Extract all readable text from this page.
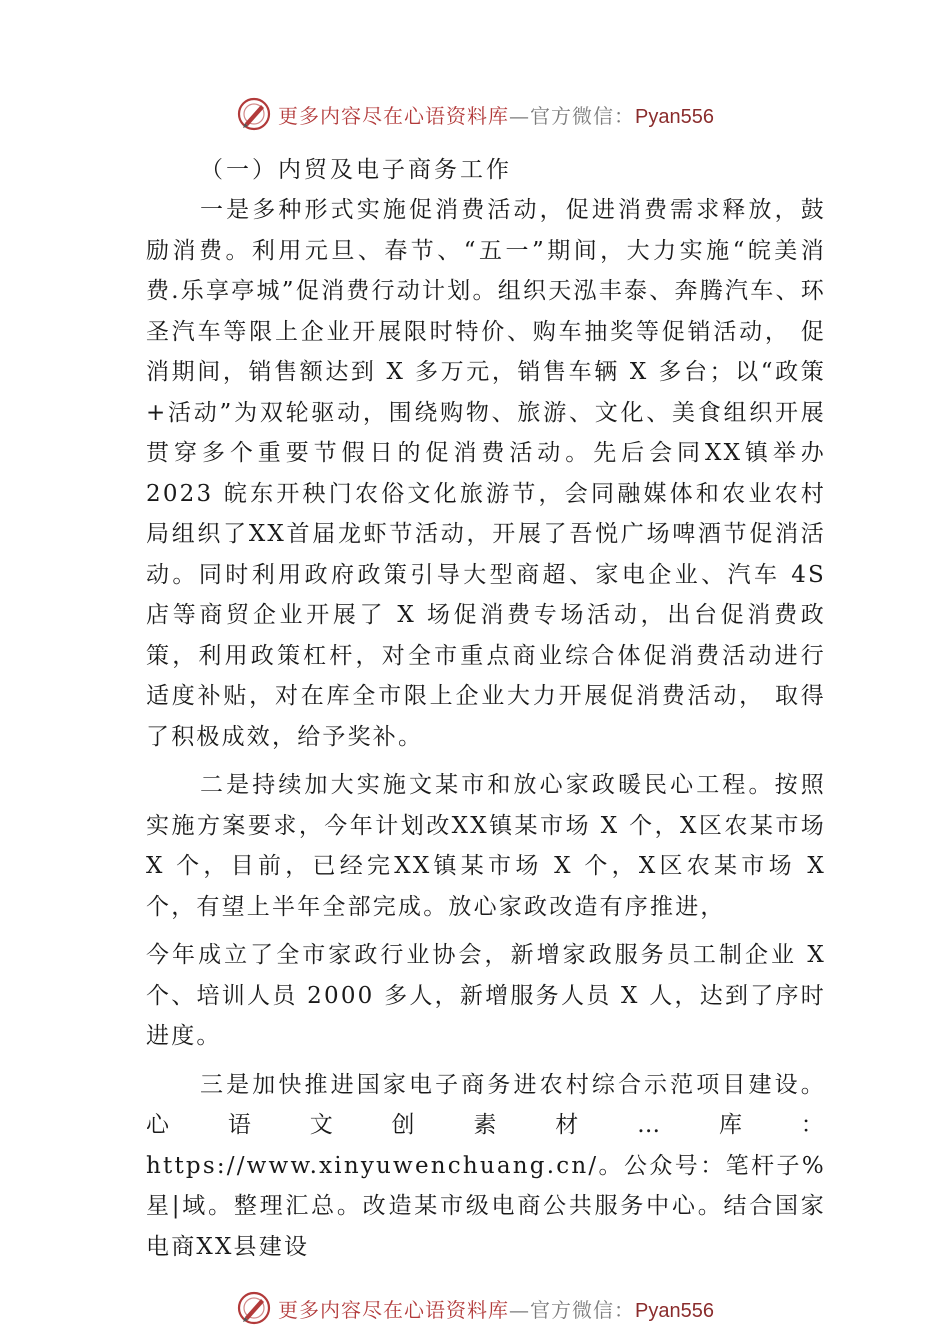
更多内容尽在心语资料库—官方微信：Pyan556
（一）内贸及电子商务工作

一是多种形式实施促消费活动，促进消费需求释放，鼓励消费。利用元旦、春节、“五一”期间，大力实施“皖美消费.乐享亭城”促消费行动计划。组织天泓丰泰、奔腾汽车、环圣汽车等限上企业开展限时特价、购车抽奖等促销活动， 促消期间，销售额达到 X 多万元，销售车辆 X 多台；以“政策+活动”为双轮驱动，围绕购物、旅游、文化、美食组织开展贯穿多个重要节假日的促消费活动。先后会同XX镇举办 2023 皖东开秧门农俗文化旅游节，会同融媒体和农业农村局组织了XX首届龙虾节活动，开展了吾悦广场啤酒节促消活动。同时利用政府政策引导大型商超、家电企业、汽车 4S 店等商贸企业开展了 X 场促消费专场活动，出台促消费政策，利用政策杠杆，对全市重点商业综合体促消费活动进行适度补贴，对在库全市限上企业大力开展促消费活动， 取得了积极成效，给予奖补。

二是持续加大实施文某市和放心家政暖民心工程。按照实施方案要求，今年计划改XX镇某市场 X 个，X区农某市场 X 个，目前，已经完XX镇某市场 X 个，X区农某市场 X 个，有望上半年全部完成。放心家政改造有序推进，

今年成立了全市家政行业协会，新增家政服务员工制企业 X 个、培训人员 2000 多人，新增服务人员 X 人，达到了序时进度。

三是加快推进国家电子商务进农村综合示范项目建设。心语文创素材…库：https://www.xinyuwenchuang.cn/。公众号：笔杆子%星|域。整理汇总。改造某市级电商公共服务中心。结合国家电商XX县建设

更多内容尽在心语资料库—官方微信：Pyan556
